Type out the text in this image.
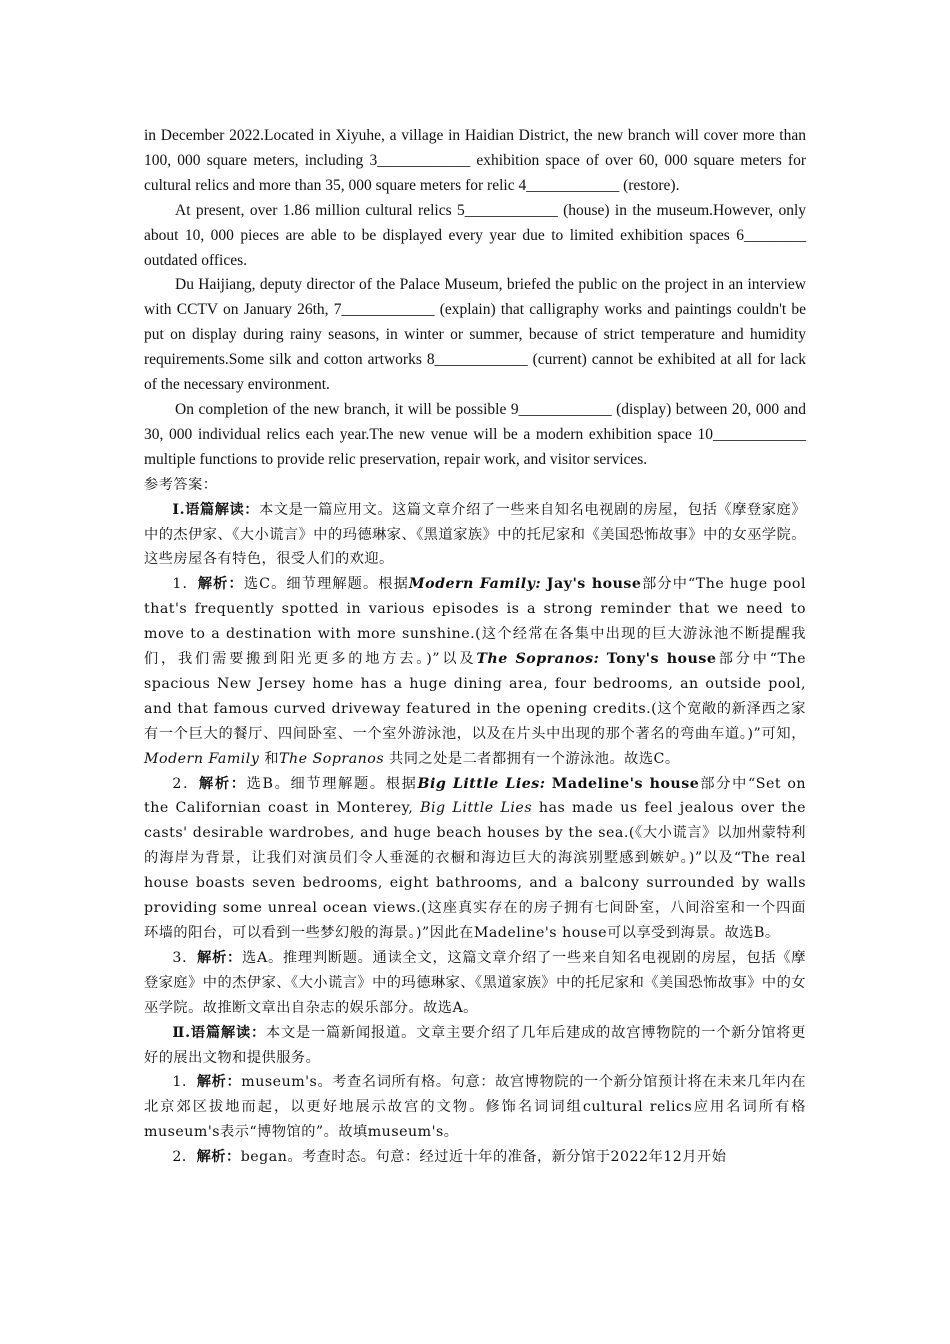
in December 2022.Located in Xiyuhe, a village in Haidian District, the new branch will cover more than 100, 000 square meters, including 3____________ exhibition space of over 60, 000 square meters for cultural relics and more than 35, 000 square meters for relic 4____________ (restore).

At present, over 1.86 million cultural relics 5____________ (house) in the museum.However, only about 10, 000 pieces are able to be displayed every year due to limited exhibition spaces 6________ outdated offices.

Du Haijiang, deputy director of the Palace Museum, briefed the public on the project in an interview with CCTV on January 26th, 7____________ (explain) that calligraphy works and paintings couldn't be put on display during rainy seasons, in winter or summer, because of strict temperature and humidity requirements.Some silk and cotton artworks 8____________ (current) cannot be exhibited at all for lack of the necessary environment.

On completion of the new branch, it will be possible 9____________ (display) between 20, 000 and 30, 000 individual relics each year.The new venue will be a modern exhibition space 10____________ multiple functions to provide relic preservation, repair work, and visitor services.

参考答案：

Ⅰ.语篇解读：本文是一篇应用文。这篇文章介绍了一些来自知名电视剧的房屋，包括《摩登家庭》中的杰伊家、《大小谎言》中的玛德琳家、《黑道家族》中的托尼家和《美国恐怖故事》中的女巫学院。这些房屋各有特色，很受人们的欢迎。

1．解析：选C。细节理解题。根据Modern Family: Jay's house部分中“The huge pool that's frequently spotted in various episodes is a strong reminder that we need to move to a destination with more sunshine.(这个经常在各集中出现的巨大游泳池不断提醒我们，我们需要搬到阳光更多的地方去。)”以及The Sopranos: Tony's house部分中“The spacious New Jersey home has a huge dining area, four bedrooms, an outside pool, and that famous curved driveway featured in the opening credits.(这个宽敞的新泽西之家有一个巨大的餐厅、四间卧室、一个室外游泳池，以及在片头中出现的那个著名的弯曲车道。)”可知，Modern Family 和The Sopranos 共同之处是二者都拥有一个游泳池。故选C。

2．解析：选B。细节理解题。根据Big Little Lies: Madeline's house部分中“Set on the Californian coast in Monterey, Big Little Lies has made us feel jealous over the casts' desirable wardrobes, and huge beach houses by the sea.(《大小谎言》以加州蒙特利的海岸为背景，让我们对演员们令人垂涎的衣橱和海边巨大的海滨别墅感到嫉妒。)”以及“The real house boasts seven bedrooms, eight bathrooms, and a balcony surrounded by walls providing some unreal ocean views.(这座真实存在的房子拥有七间卧室，八间浴室和一个四面环墙的阳台，可以看到一些梦幻般的海景。)”因此在Madeline's house可以享受到海景。故选B。

3．解析：选A。推理判断题。通读全文，这篇文章介绍了一些来自知名电视剧的房屋，包括《摩登家庭》中的杰伊家、《大小谎言》中的玛德琳家、《黑道家族》中的托尼家和《美国恐怖故事》中的女巫学院。故推断文章出自杂志的娱乐部分。故选A。

Ⅱ.语篇解读：本文是一篇新闻报道。文章主要介绍了几年后建成的故宫博物院的一个新分馆将更好的展出文物和提供服务。

1．解析：museum's。考查名词所有格。句意：故宫博物院的一个新分馆预计将在未来几年内在北京郊区拔地而起，以更好地展示故宫的文物。修饰名词词组cultural relics应用名词所有格museum's表示“博物馆的”。故填museum's。

2．解析：began。考查时态。句意：经过近十年的准备，新分馆于2022年12月开始
